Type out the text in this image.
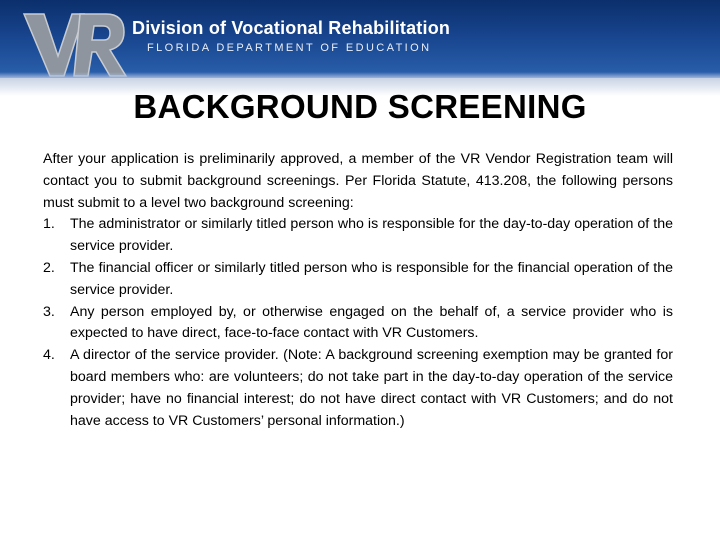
Division of Vocational Rehabilitation
FLORIDA DEPARTMENT OF EDUCATION
BACKGROUND SCREENING

After your application is preliminarily approved, a member of the VR Vendor Registration team will contact you to submit background screenings. Per Florida Statute, 413.208, the following persons must submit to a level two background screening:

1. The administrator or similarly titled person who is responsible for the day-to-day operation of the service provider.
2. The financial officer or similarly titled person who is responsible for the financial operation of the service provider.
3. Any person employed by, or otherwise engaged on the behalf of, a service provider who is expected to have direct, face-to-face contact with VR Customers.
4. A director of the service provider. (Note: A background screening exemption may be granted for board members who: are volunteers; do not take part in the day-to-day operation of the service provider; have no financial interest; do not have direct contact with VR Customers; and do not have access to VR Customers’ personal information.)
